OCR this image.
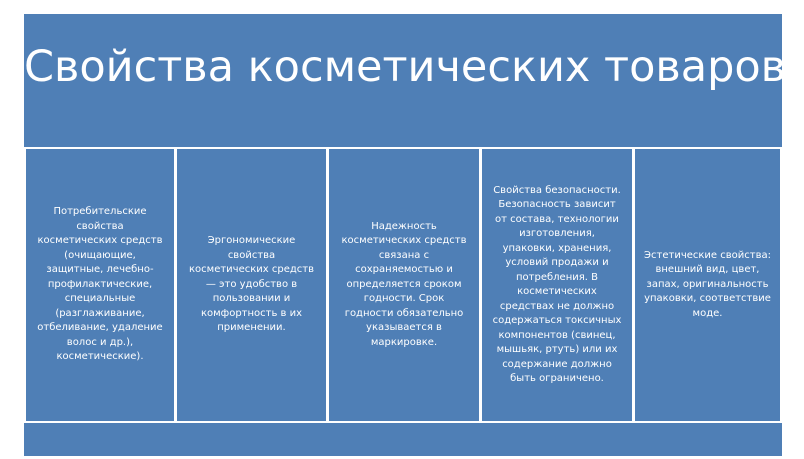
Свойства косметических товаров
Потребительские
свойства
косметических средств
(очищающие,
защитные, лечебно-
профилактические,
специальные
(разглаживание,
отбеливание, удаление
волос и др.),
косметические).
Эргономические
свойства
косметических средств
— это удобство в
пользовании и
комфортность в их
применении.
Надежность
косметических средств
связана с
сохраняемостью и
определяется сроком
годности. Срок
годности обязательно
указывается в
маркировке.
Свойства безопасности.
Безопасность зависит
от состава, технологии
изготовления,
упаковки, хранения,
условий продажи и
потребления. В
косметических
средствах не должно
содержаться токсичных
компонентов (свинец,
мышьяк, ртуть) или их
содержание должно
быть ограничено.
Эстетические свойства:
внешний вид, цвет,
запах, оригинальность
упаковки, соответствие
моде.
